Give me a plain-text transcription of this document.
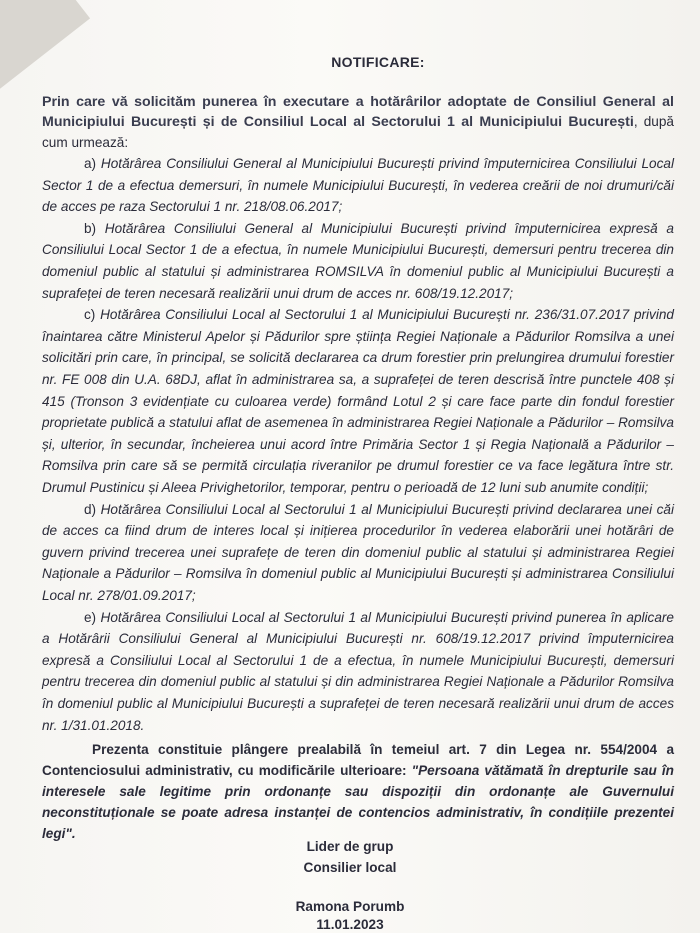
NOTIFICARE:

Prin care vă solicităm punerea în executare a hotărârilor adoptate de Consiliul General al Municipiului București și de Consiliul Local al Sectorului 1 al Municipiului București, după cum urmează:

a) Hotărârea Consiliului General al Municipiului București privind împuternicirea Consiliului Local Sector 1 de a efectua demersuri, în numele Municipiului București, în vederea creării de noi drumuri/căi de acces pe raza Sectorului 1 nr. 218/08.06.2017;

b) Hotărârea Consiliului General al Municipiului București privind împuternicirea expresă a Consiliului Local Sector 1 de a efectua, în numele Municipiului București, demersuri pentru trecerea din domeniul public al statului și administrarea ROMSILVA în domeniul public al Municipiului București a suprafeței de teren necesară realizării unui drum de acces nr. 608/19.12.2017;

c) Hotărârea Consiliului Local al Sectorului 1 al Municipiului București nr. 236/31.07.2017 privind înaintarea către Ministerul Apelor și Pădurilor spre știința Regiei Naționale a Pădurilor Romsilva a unei solicitări prin care, în principal, se solicită declararea ca drum forestier prin prelungirea drumului forestier nr. FE 008 din U.A. 68DJ, aflat în administrarea sa, a suprafeței de teren descrisă între punctele 408 și 415 (Tronson 3 evidențiate cu culoarea verde) formând Lotul 2 și care face parte din fondul forestier proprietate publică a statului aflat de asemenea în administrarea Regiei Naționale a Pădurilor – Romsilva și, ulterior, în secundar, încheierea unui acord între Primăria Sector 1 și Regia Națională a Pădurilor – Romsilva prin care să se permită circulația riveranilor pe drumul forestier ce va face legătura între str. Drumul Pustinicu și Aleea Privighetorilor, temporar, pentru o perioadă de 12 luni sub anumite condiții;

d) Hotărârea Consiliului Local al Sectorului 1 al Municipiului București privind declararea unei căi de acces ca fiind drum de interes local și inițierea procedurilor în vederea elaborării unei hotărâri de guvern privind trecerea unei suprafețe de teren din domeniul public al statului și administrarea Regiei Naționale a Pădurilor – Romsilva în domeniul public al Municipiului București și administrarea Consiliului Local nr. 278/01.09.2017;

e) Hotărârea Consiliului Local al Sectorului 1 al Municipiului București privind punerea în aplicare a Hotărârii Consiliului General al Municipiului București nr. 608/19.12.2017 privind împuternicirea expresă a Consiliului Local al Sectorului 1 de a efectua, în numele Municipiului București, demersuri pentru trecerea din domeniul public al statului și din administrarea Regiei Naționale a Pădurilor Romsilva în domeniul public al Municipiului București a suprafeței de teren necesară realizării unui drum de acces nr. 1/31.01.2018.

Prezenta constituie plângere prealabilă în temeiul art. 7 din Legea nr. 554/2004 a Contenciosului administrativ, cu modificările ulterioare: "Persoana vătămată în drepturile sau în interesele sale legitime prin ordonanțe sau dispoziții din ordonanțe ale Guvernului neconstituționale se poate adresa instanței de contencios administrativ, în condițiile prezentei legi".

Lider de grup
Consilier local
Ramona Porumb
11.01.2023
